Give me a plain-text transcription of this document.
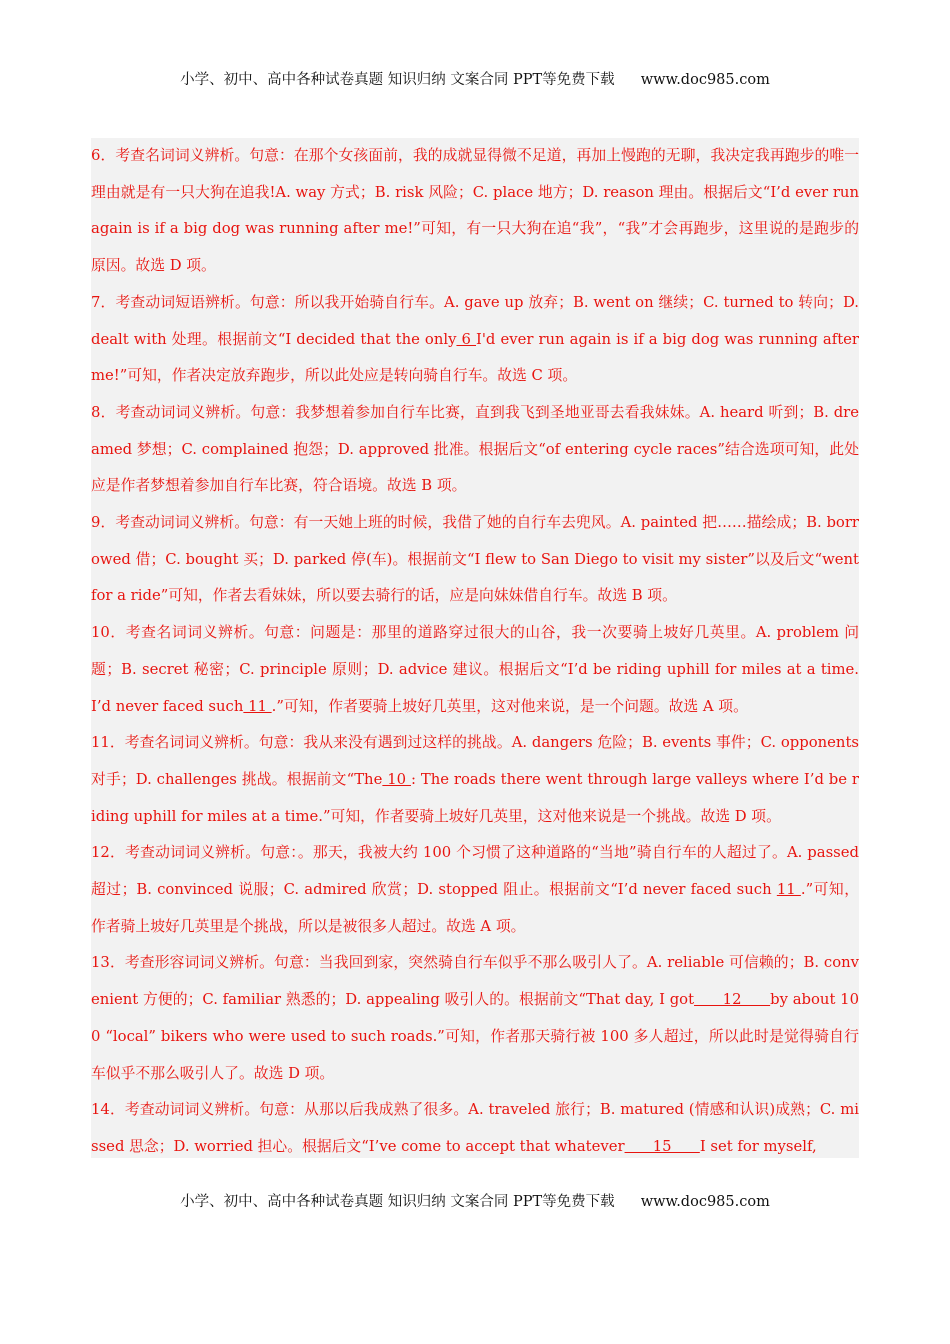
小学、初中、高中各种试卷真题 知识归纳 文案合同 PPT等免费下载 www.doc985.com

6．考查名词词义辨析。句意：在那个女孩面前，我的成就显得微不足道，再加上慢跑的无聊，我决定我再跑步的唯一理由就是有一只大狗在追我!A. way 方式；B. risk 风险；C. place 地方；D. reason 理由。根据后文“I’d ever run again is if a big dog was running after me!”可知，有一只大狗在追“我”，“我”才会再跑步，这里说的是跑步的原因。故选 D 项。

7．考查动词短语辨析。句意：所以我开始骑自行车。A. gave up 放弃；B. went on 继续；C. turned to 转向；D. dealt with 处理。根据前文“I decided that the only 6 I'd ever run again is if a big dog was running after me!”可知，作者决定放弃跑步，所以此处应是转向骑自行车。故选 C 项。

8．考查动词词义辨析。句意：我梦想着参加自行车比赛，直到我飞到圣地亚哥去看我妹妹。A. heard 听到；B. dreamed 梦想；C. complained 抱怨；D. approved 批准。根据后文“of entering cycle races”结合选项可知，此处应是作者梦想着参加自行车比赛，符合语境。故选 B 项。

9．考查动词词义辨析。句意：有一天她上班的时候，我借了她的自行车去兜风。A. painted 把……描绘成；B. borrowed 借；C. bought 买；D. parked 停(车)。根据前文“I flew to San Diego to visit my sister”以及后文“went for a ride”可知，作者去看妹妹，所以要去骑行的话，应是向妹妹借自行车。故选 B 项。

10．考查名词词义辨析。句意：问题是：那里的道路穿过很大的山谷，我一次要骑上坡好几英里。A. problem 问题；B. secret 秘密；C. principle 原则；D. advice 建议。根据后文“I’d be riding uphill for miles at a time. I’d never faced such 11 .”可知，作者要骑上坡好几英里，这对他来说，是一个问题。故选 A 项。

11．考查名词词义辨析。句意：我从来没有遇到过这样的挑战。A. dangers 危险；B. events 事件；C. opponents 对手；D. challenges 挑战。根据前文“The 10 : The roads there went through large valleys where I’d be riding uphill for miles at a time.”可知，作者要骑上坡好几英里，这对他来说是一个挑战。故选 D 项。

12．考查动词词义辨析。句意：。那天，我被大约 100 个习惯了这种道路的“当地”骑自行车的人超过了。A. passed 超过；B. convinced 说服；C. admired 欣赏；D. stopped 阻止。根据前文“I’d never faced such 11 .”可知，作者骑上坡好几英里是个挑战，所以是被很多人超过。故选 A 项。

13．考查形容词词义辨析。句意：当我回到家，突然骑自行车似乎不那么吸引人了。A. reliable 可信赖的；B. convenient 方便的；C. familiar 熟悉的；D. appealing 吸引人的。根据前文“That day, I got      12      by about 100 “local” bikers who were used to such roads.”可知，作者那天骑行被 100 多人超过，所以此时是觉得骑自行车似乎不那么吸引人了。故选 D 项。

14．考查动词词义辨析。句意：从那以后我成熟了很多。A. traveled 旅行；B. matured (情感和认识)成熟；C. missed 思念；D. worried 担心。根据后文“I’ve come to accept that whatever      15      I set for myself,

小学、初中、高中各种试卷真题 知识归纳 文案合同 PPT等免费下载 www.doc985.com
